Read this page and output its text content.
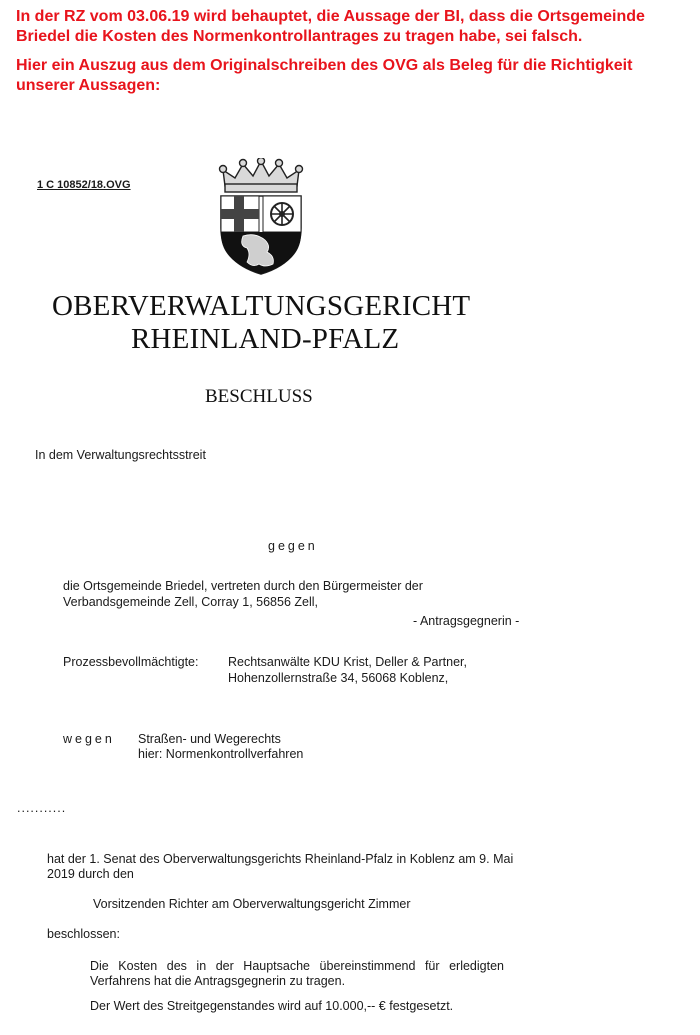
In der RZ vom 03.06.19 wird behauptet, die Aussage der BI, dass die Ortsgemeinde
Briedel die Kosten des Normenkontrollantrages zu tragen habe, sei falsch.
Hier ein Auszug aus dem Originalschreiben des OVG als Beleg für die Richtigkeit
unserer Aussagen:
1 C 10852/18.OVG
OBERVERWALTUNGSGERICHT
RHEINLAND-PFALZ
BESCHLUSS
In dem Verwaltungsrechtsstreit
gegen
die Ortsgemeinde Briedel, vertreten durch den Bürgermeister der
Verbandsgemeinde Zell, Corray 1, 56856 Zell,
- Antragsgegnerin -
Prozessbevollmächtigte: Rechtsanwälte KDU Krist, Deller & Partner,
Hohenzollernstraße 34, 56068 Koblenz,
wegen Straßen- und Wegerechts
hier: Normenkontrollverfahren
...........
hat der 1. Senat des Oberverwaltungsgerichts Rheinland-Pfalz in Koblenz am 9. Mai
2019 durch den
Vorsitzenden Richter am Oberverwaltungsgericht Zimmer
beschlossen:
Die Kosten des in der Hauptsache übereinstimmend für erledigten
Verfahrens hat die Antragsgegnerin zu tragen.
Der Wert des Streitgegenstandes wird auf 10.000,-- € festgesetzt.
